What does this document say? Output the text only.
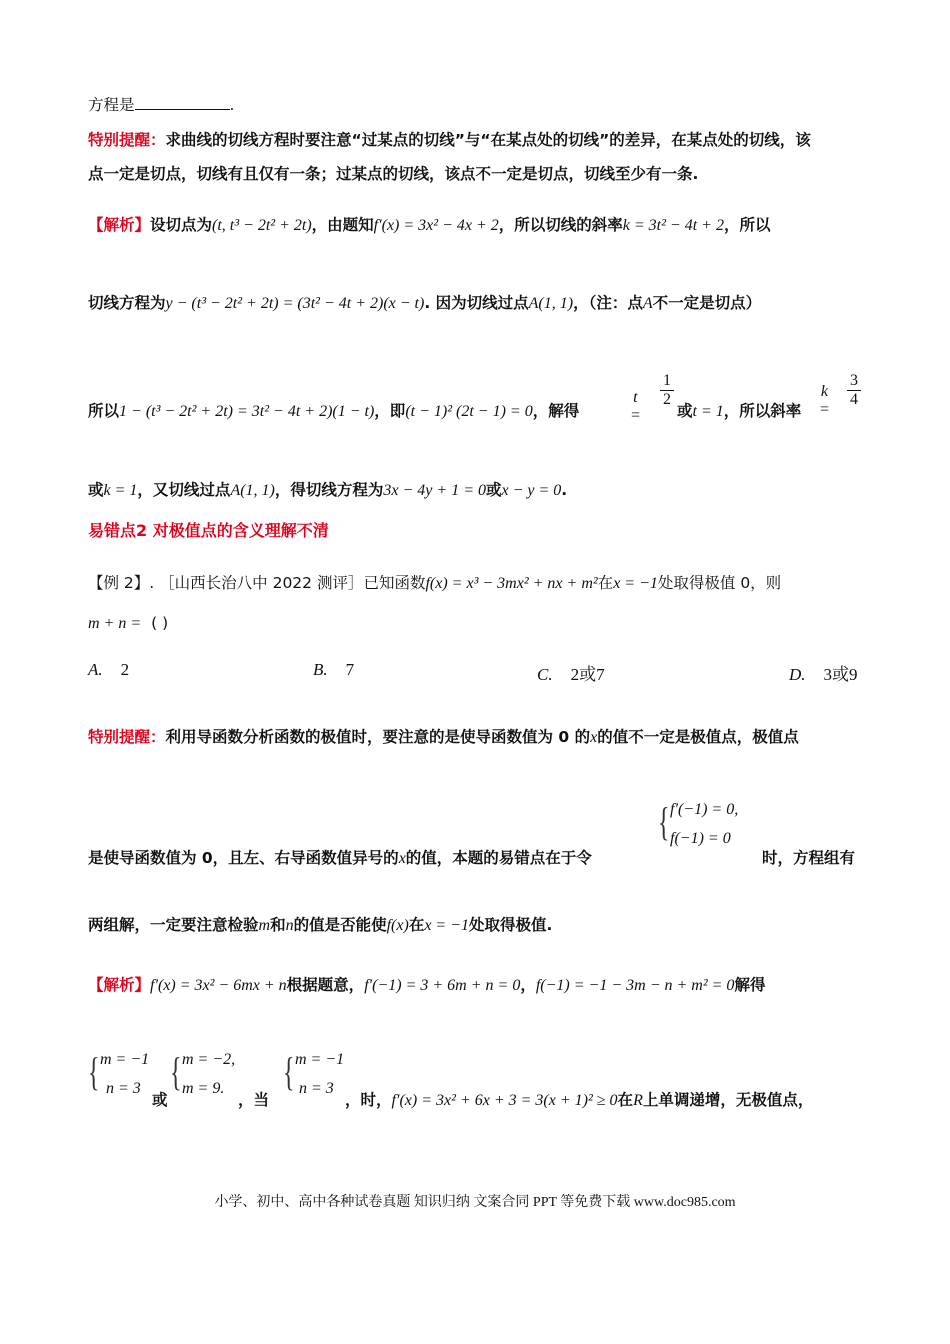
方程是	.
特别提醒：求曲线的切线方程时要注意“过某点的切线”与“在某点处的切线”的差异，在某点处的切线，该
点一定是切点，切线有且仅有一条；过某点的切线，该点不一定是切点，切线至少有一条.
【解析】设切点为(t, t³ − 2t² + 2t)，由题知f′(x) = 3x² − 4x + 2，所以切线的斜率k = 3t² − 4t + 2，所以
切线方程为y − (t³ − 2t² + 2t) = (3t² − 4t + 2)(x − t). 因为切线过点A(1, 1)，（注：点A不一定是切点）
所以1 − (t³ − 2t² + 2t) = 3t² − 4t + 2)(1 − t)，即(t − 1)² (2t − 1) = 0，解得
t =
$\frac{1}{2}$
或t = 1，所以斜率
k =
$\frac{3}{4}$
或k = 1，又切线过点A(1, 1)，得切线方程为3x − 4y + 1 = 0或x − y = 0.
易错点2 对极值点的含义理解不清
【例 2】. ［山西长治八中 2022 测评］已知函数f(x) = x³ − 3mx² + nx + m²在x = −1处取得极值 0，则
m + n = ( )
A. 2	B. 7	C. 2或7	D. 3或9
特别提醒：利用导函数分析函数的极值时，要注意的是使导函数值为 0 的x的值不一定是极值点，极值点
是使导函数值为 0，且左、右导函数值异号的x的值，本题的易错点在于令
{ f′(−1) = 0,
f(−1) = 0
时，方程组有
两组解，一定要注意检验m和n的值是否能使f(x)在x = −1处取得极值.
【解析】f′(x) = 3x² − 6mx + n根据题意，f′(−1) = 3 + 6m + n = 0，f(−1) = −1 − 3m − n + m² = 0解得
{ m = −1
n = 3
或
{ m = −2,
m = 9.
，当
{ m = −1
n = 3
，时，f′(x) = 3x² + 6x + 3 = 3(x + 1)² ≥ 0在R上单调递增，无极值点，
小学、初中、高中各种试卷真题 知识归纳 文案合同 PPT 等免费下载 www.doc985.com
